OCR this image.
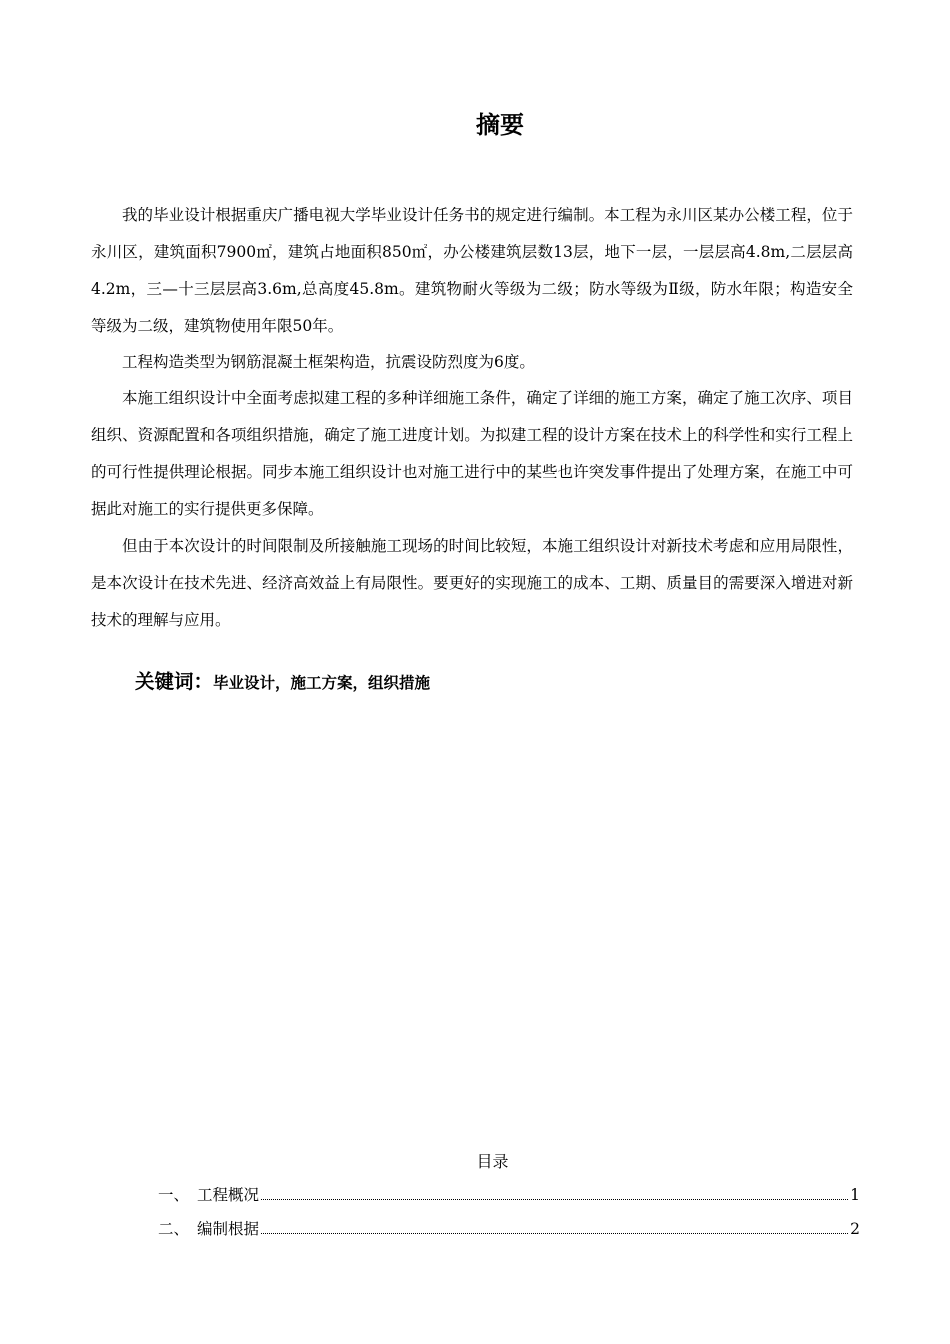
摘要

我的毕业设计根据重庆广播电视大学毕业设计任务书的规定进行编制。本工程为永川区某办公楼工程，位于永川区，建筑面积7900㎡，建筑占地面积850㎡，办公楼建筑层数13层，地下一层，一层层高4.8m,二层层高4.2m，三—十三层层高3.6m,总高度45.8m。建筑物耐火等级为二级；防水等级为Ⅱ级，防水年限；构造安全等级为二级，建筑物使用年限50年。

工程构造类型为钢筋混凝土框架构造，抗震设防烈度为6度。

本施工组织设计中全面考虑拟建工程的多种详细施工条件，确定了详细的施工方案，确定了施工次序、项目组织、资源配置和各项组织措施，确定了施工进度计划。为拟建工程的设计方案在技术上的科学性和实行工程上的可行性提供理论根据。同步本施工组织设计也对施工进行中的某些也许突发事件提出了处理方案，在施工中可据此对施工的实行提供更多保障。

但由于本次设计的时间限制及所接触施工现场的时间比较短，本施工组织设计对新技术考虑和应用局限性，是本次设计在技术先进、经济高效益上有局限性。要更好的实现施工的成本、工期、质量目的需要深入增进对新技术的理解与应用。

关键词：毕业设计，施工方案，组织措施
目录
一、 工程概况	1
二、 编制根据	2
